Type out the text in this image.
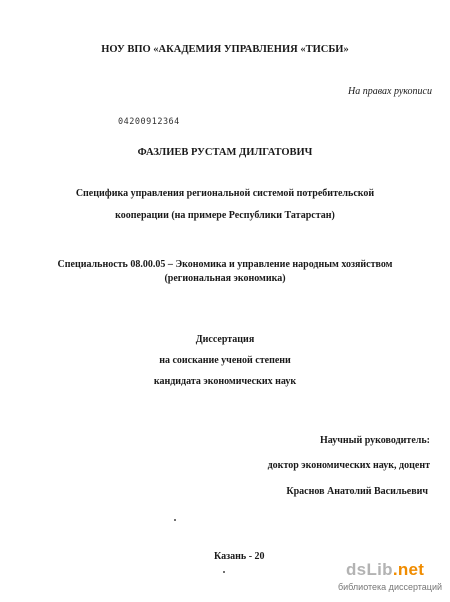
НОУ ВПО «АКАДЕМИЯ УПРАВЛЕНИЯ «ТИСБИ»
На правах рукописи
04200912364
ФАЗЛИЕВ РУСТАМ ДИЛГАТОВИЧ
Специфика управления региональной системой потребительской
кооперации (на примере Республики Татарстан)
Специальность 08.00.05 – Экономика и управление народным хозяйством
(региональная экономика)
Диссертация
на соискание ученой степени
кандидата экономических наук
Научный руководитель:
доктор экономических наук, доцент
Краснов Анатолий Васильевич
Казань - 20
dsLib.net
библиотека диссертаций
